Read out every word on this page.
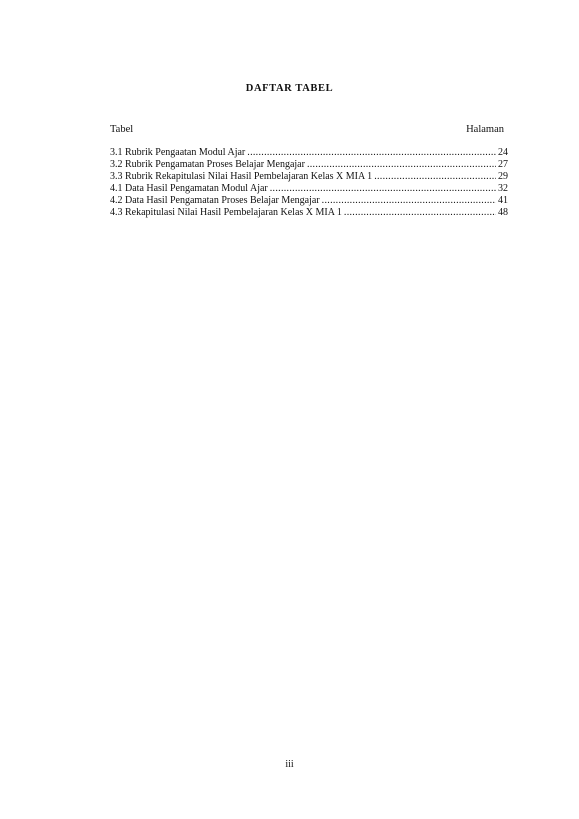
DAFTAR TABEL
Tabel	Halaman
3.1 Rubrik Pengaatan Modul Ajar .....	24
3.2 Rubrik Pengamatan Proses Belajar Mengajar .....	27
3.3 Rubrik Rekapitulasi Nilai Hasil Pembelajaran Kelas X MIA 1 .....	29
4.1 Data Hasil Pengamatan Modul Ajar .....	32
4.2 Data Hasil Pengamatan Proses Belajar Mengajar .....	41
4.3 Rekapitulasi Nilai Hasil Pembelajaran Kelas X MIA 1 .....	48
iii
